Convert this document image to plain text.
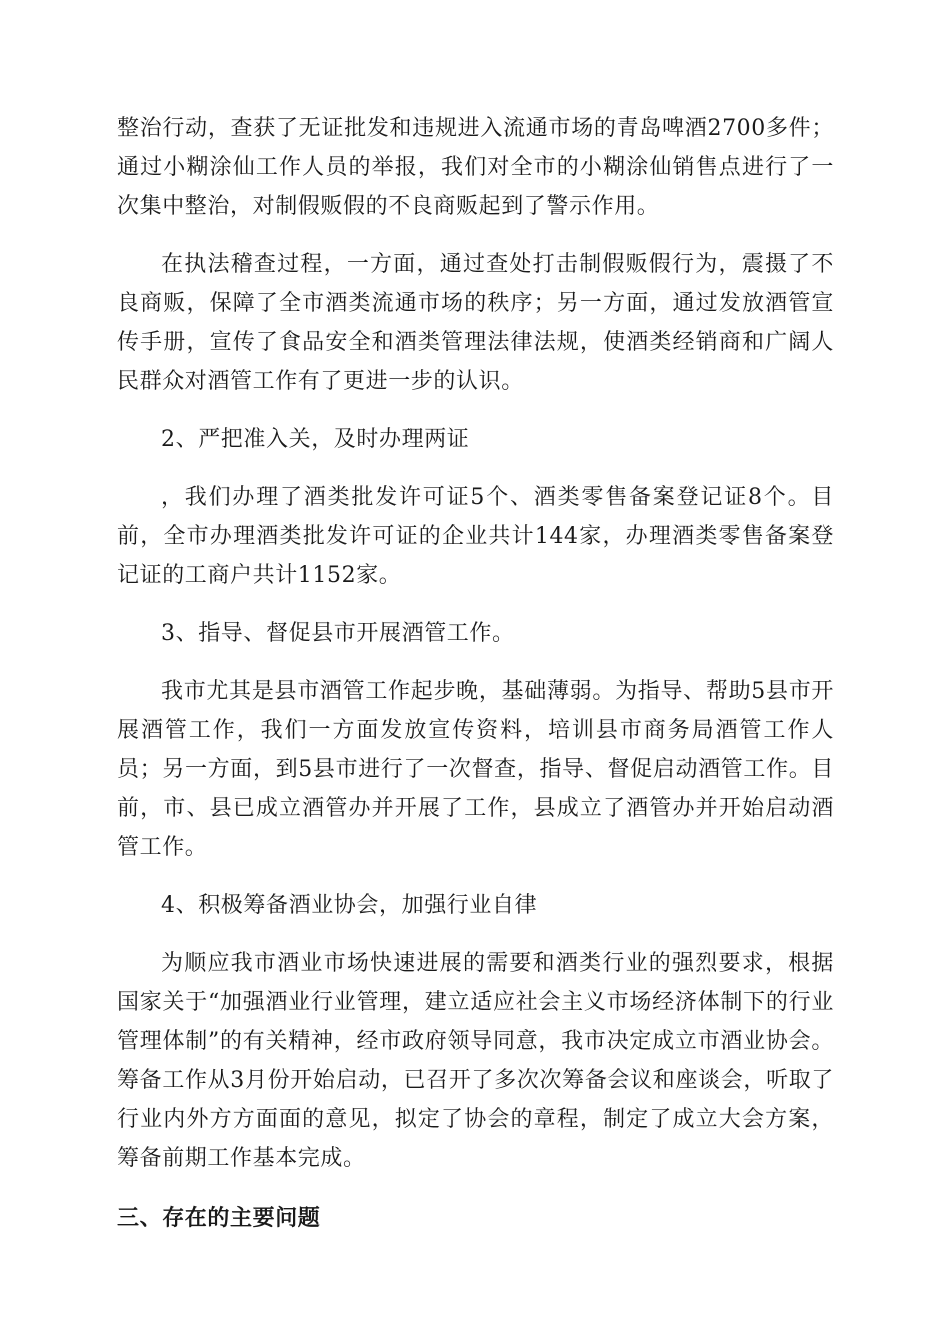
整治行动，查获了无证批发和违规进入流通市场的青岛啤酒2700多件；通过小糊涂仙工作人员的举报，我们对全市的小糊涂仙销售点进行了一次集中整治，对制假贩假的不良商贩起到了警示作用。

在执法稽查过程，一方面，通过查处打击制假贩假行为，震摄了不良商贩，保障了全市酒类流通市场的秩序；另一方面，通过发放酒管宣传手册，宣传了食品安全和酒类管理法律法规，使酒类经销商和广阔人民群众对酒管工作有了更进一步的认识。

2、严把准入关，及时办理两证

，我们办理了酒类批发许可证5个、酒类零售备案登记证8个。目前，全市办理酒类批发许可证的企业共计144家，办理酒类零售备案登记证的工商户共计1152家。

3、指导、督促县市开展酒管工作。

我市尤其是县市酒管工作起步晚，基础薄弱。为指导、帮助5县市开展酒管工作，我们一方面发放宣传资料，培训县市商务局酒管工作人员；另一方面，到5县市进行了一次督查，指导、督促启动酒管工作。目前，市、县已成立酒管办并开展了工作，县成立了酒管办并开始启动酒管工作。

4、积极筹备酒业协会，加强行业自律

为顺应我市酒业市场快速进展的需要和酒类行业的强烈要求，根据国家关于“加强酒业行业管理，建立适应社会主义市场经济体制下的行业管理体制”的有关精神，经市政府领导同意，我市决定成立市酒业协会。筹备工作从3月份开始启动，已召开了多次次筹备会议和座谈会，听取了行业内外方方面面的意见，拟定了协会的章程，制定了成立大会方案，筹备前期工作基本完成。

三、存在的主要问题
